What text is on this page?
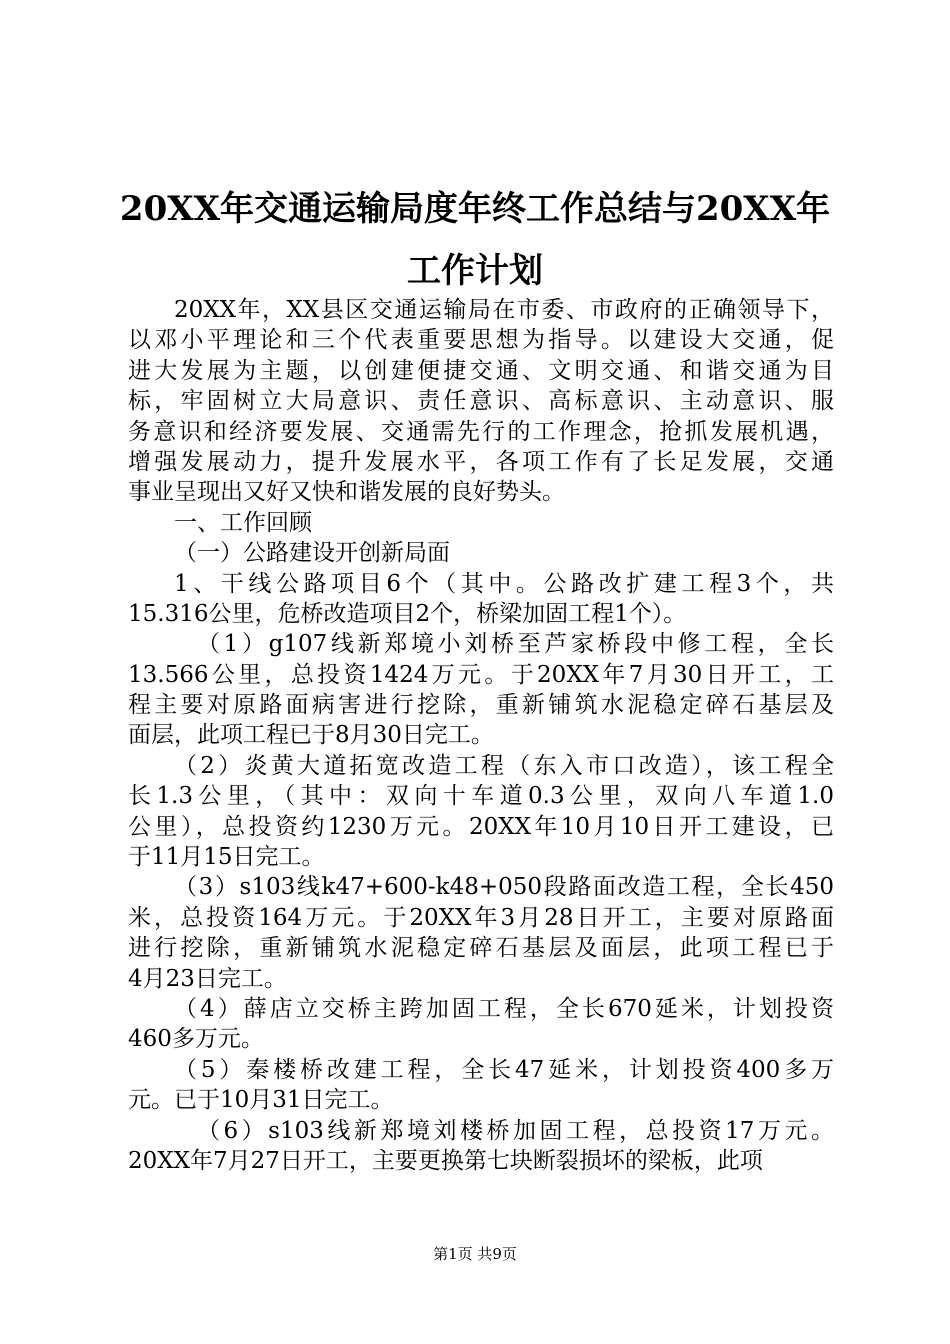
20XX年交通运输局度年终工作总结与20XX年
工作计划
20XX年，XX县区交通运输局在市委、市政府的正确领导下，
以邓小平理论和三个代表重要思想为指导。以建设大交通，促
进大发展为主题，以创建便捷交通、文明交通、和谐交通为目
标，牢固树立大局意识、责任意识、高标意识、主动意识、服
务意识和经济要发展、交通需先行的工作理念，抢抓发展机遇，
增强发展动力，提升发展水平，各项工作有了长足发展，交通
事业呈现出又好又快和谐发展的良好势头。
一、工作回顾
（一）公路建设开创新局面
1、干线公路项目6个（其中。公路改扩建工程3个，共
15.316公里，危桥改造项目2个，桥梁加固工程1个）。
（1）g107线新郑境小刘桥至芦家桥段中修工程，全长
13.566公里，总投资1424万元。于20XX年7月30日开工，工
程主要对原路面病害进行挖除，重新铺筑水泥稳定碎石基层及
面层，此项工程已于8月30日完工。
（2）炎黄大道拓宽改造工程（东入市口改造），该工程全
长1.3公里，（其中：双向十车道0.3公里，双向八车道1.0
公里），总投资约1230万元。20XX年10月10日开工建设，已
于11月15日完工。
（3）s103线k47+600-k48+050段路面改造工程，全长450
米，总投资164万元。于20XX年3月28日开工，主要对原路面
进行挖除，重新铺筑水泥稳定碎石基层及面层，此项工程已于
4月23日完工。
（4）薛店立交桥主跨加固工程，全长670延米，计划投资
460多万元。
（5）秦楼桥改建工程，全长47延米，计划投资400多万
元。已于10月31日完工。
（6）s103线新郑境刘楼桥加固工程，总投资17万元。
20XX年7月27日开工，主要更换第七块断裂损坏的梁板，此项
第1页 共9页
